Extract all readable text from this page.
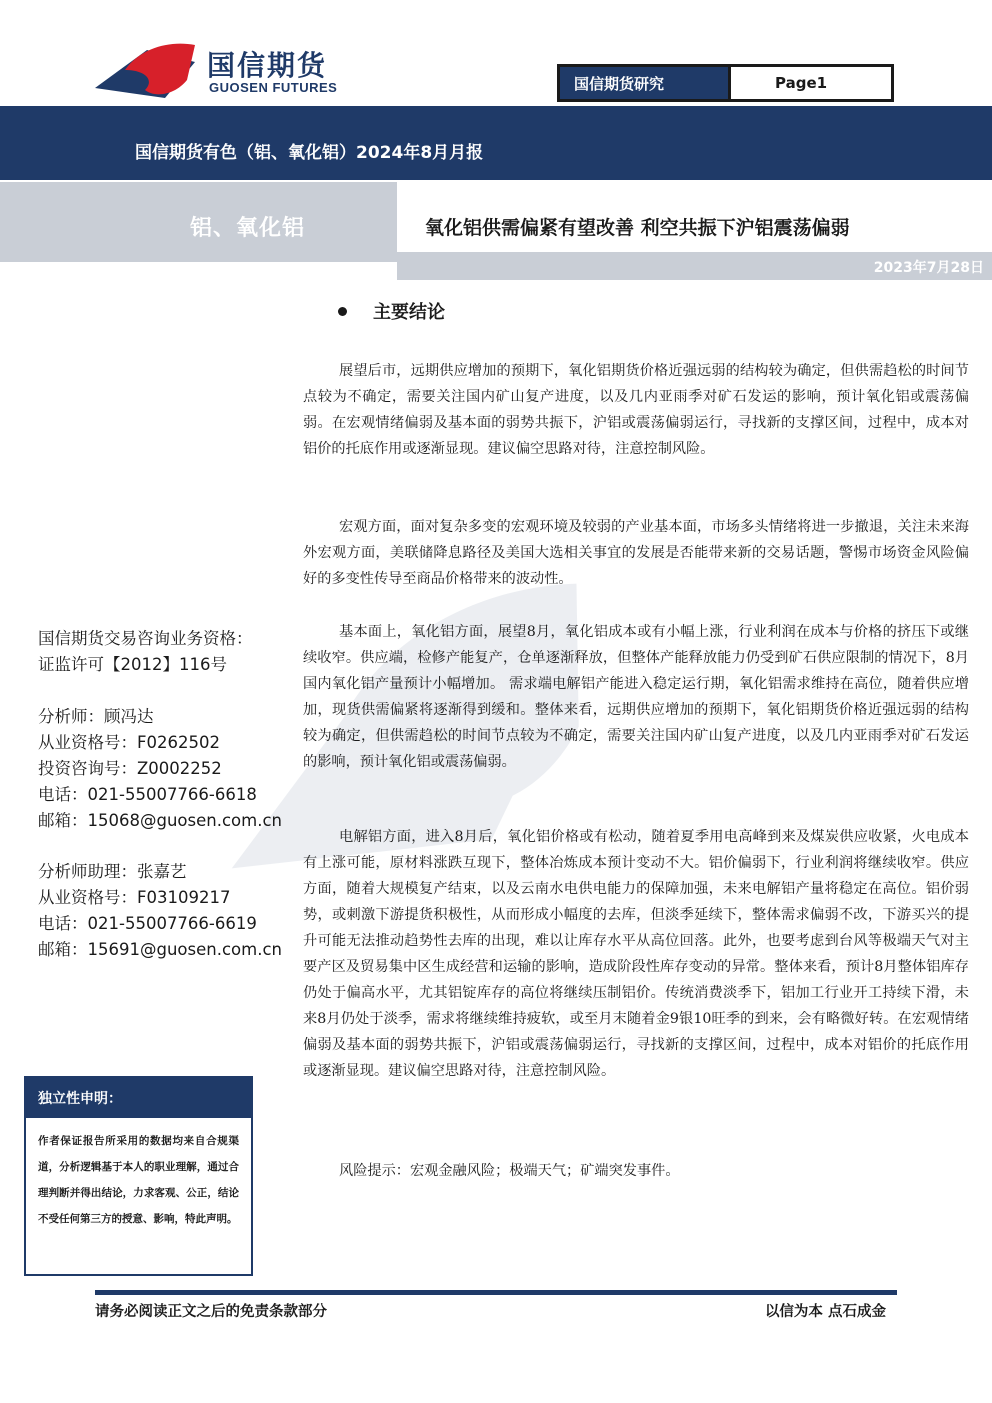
国信期货
GUOSEN FUTURES	国信期货研究	Page1
国信期货有色（铝、氧化铝）2024年8月月报
铝、氧化铝	氧化铝供需偏紧有望改善 利空共振下沪铝震荡偏弱
2023年7月28日
主要结论

展望后市，远期供应增加的预期下，氧化铝期货价格近强远弱的结构较为确定，但供需趋松的时间节点较为不确定，需要关注国内矿山复产进度，以及几内亚雨季对矿石发运的影响，预计氧化铝或震荡偏弱。在宏观情绪偏弱及基本面的弱势共振下，沪铝或震荡偏弱运行，寻找新的支撑区间，过程中，成本对铝价的托底作用或逐渐显现。建议偏空思路对待，注意控制风险。

宏观方面，面对复杂多变的宏观环境及较弱的产业基本面，市场多头情绪将进一步撤退，关注未来海外宏观方面，美联储降息路径及美国大选相关事宜的发展是否能带来新的交易话题，警惕市场资金风险偏好的多变性传导至商品价格带来的波动性。

基本面上，氧化铝方面，展望8月，氧化铝成本或有小幅上涨，行业利润在成本与价格的挤压下或继续收窄。供应端，检修产能复产，仓单逐渐释放，但整体产能释放能力仍受到矿石供应限制的情况下，8月国内氧化铝产量预计小幅增加。 需求端电解铝产能进入稳定运行期，氧化铝需求维持在高位，随着供应增加，现货供需偏紧将逐渐得到缓和。整体来看，远期供应增加的预期下，氧化铝期货价格近强远弱的结构较为确定，但供需趋松的时间节点较为不确定，需要关注国内矿山复产进度，以及几内亚雨季对矿石发运的影响，预计氧化铝或震荡偏弱。

电解铝方面，进入8月后，氧化铝价格或有松动，随着夏季用电高峰到来及煤炭供应收紧，火电成本有上涨可能，原材料涨跌互现下，整体冶炼成本预计变动不大。铝价偏弱下，行业利润将继续收窄。供应方面，随着大规模复产结束，以及云南水电供电能力的保障加强，未来电解铝产量将稳定在高位。铝价弱势，或刺激下游提货积极性，从而形成小幅度的去库，但淡季延续下，整体需求偏弱不改，下游买兴的提升可能无法推动趋势性去库的出现，难以让库存水平从高位回落。此外，也要考虑到台风等极端天气对主要产区及贸易集中区生成经营和运输的影响，造成阶段性库存变动的异常。整体来看，预计8月整体铝库存仍处于偏高水平，尤其铝锭库存的高位将继续压制铝价。传统消费淡季下，铝加工行业开工持续下滑，未来8月仍处于淡季，需求将继续维持疲软，或至月末随着金9银10旺季的到来，会有略微好转。在宏观情绪偏弱及基本面的弱势共振下，沪铝或震荡偏弱运行，寻找新的支撑区间，过程中，成本对铝价的托底作用或逐渐显现。建议偏空思路对待，注意控制风险。

风险提示：宏观金融风险；极端天气；矿端突发事件。

国信期货交易咨询业务资格：
证监许可【2012】116号
分析师：顾冯达
从业资格号：F0262502
投资咨询号：Z0002252
电话：021-55007766-6618
邮箱：15068@guosen.com.cn
分析师助理：张嘉艺
从业资格号：F03109217
电话：021-55007766-6619
邮箱：15691@guosen.com.cn
独立性申明：
作者保证报告所采用的数据均来自合规渠道，分析逻辑基于本人的职业理解，通过合理判断并得出结论，力求客观、公正，结论不受任何第三方的授意、影响，特此声明。
请务必阅读正文之后的免责条款部分	以信为本 点石成金
